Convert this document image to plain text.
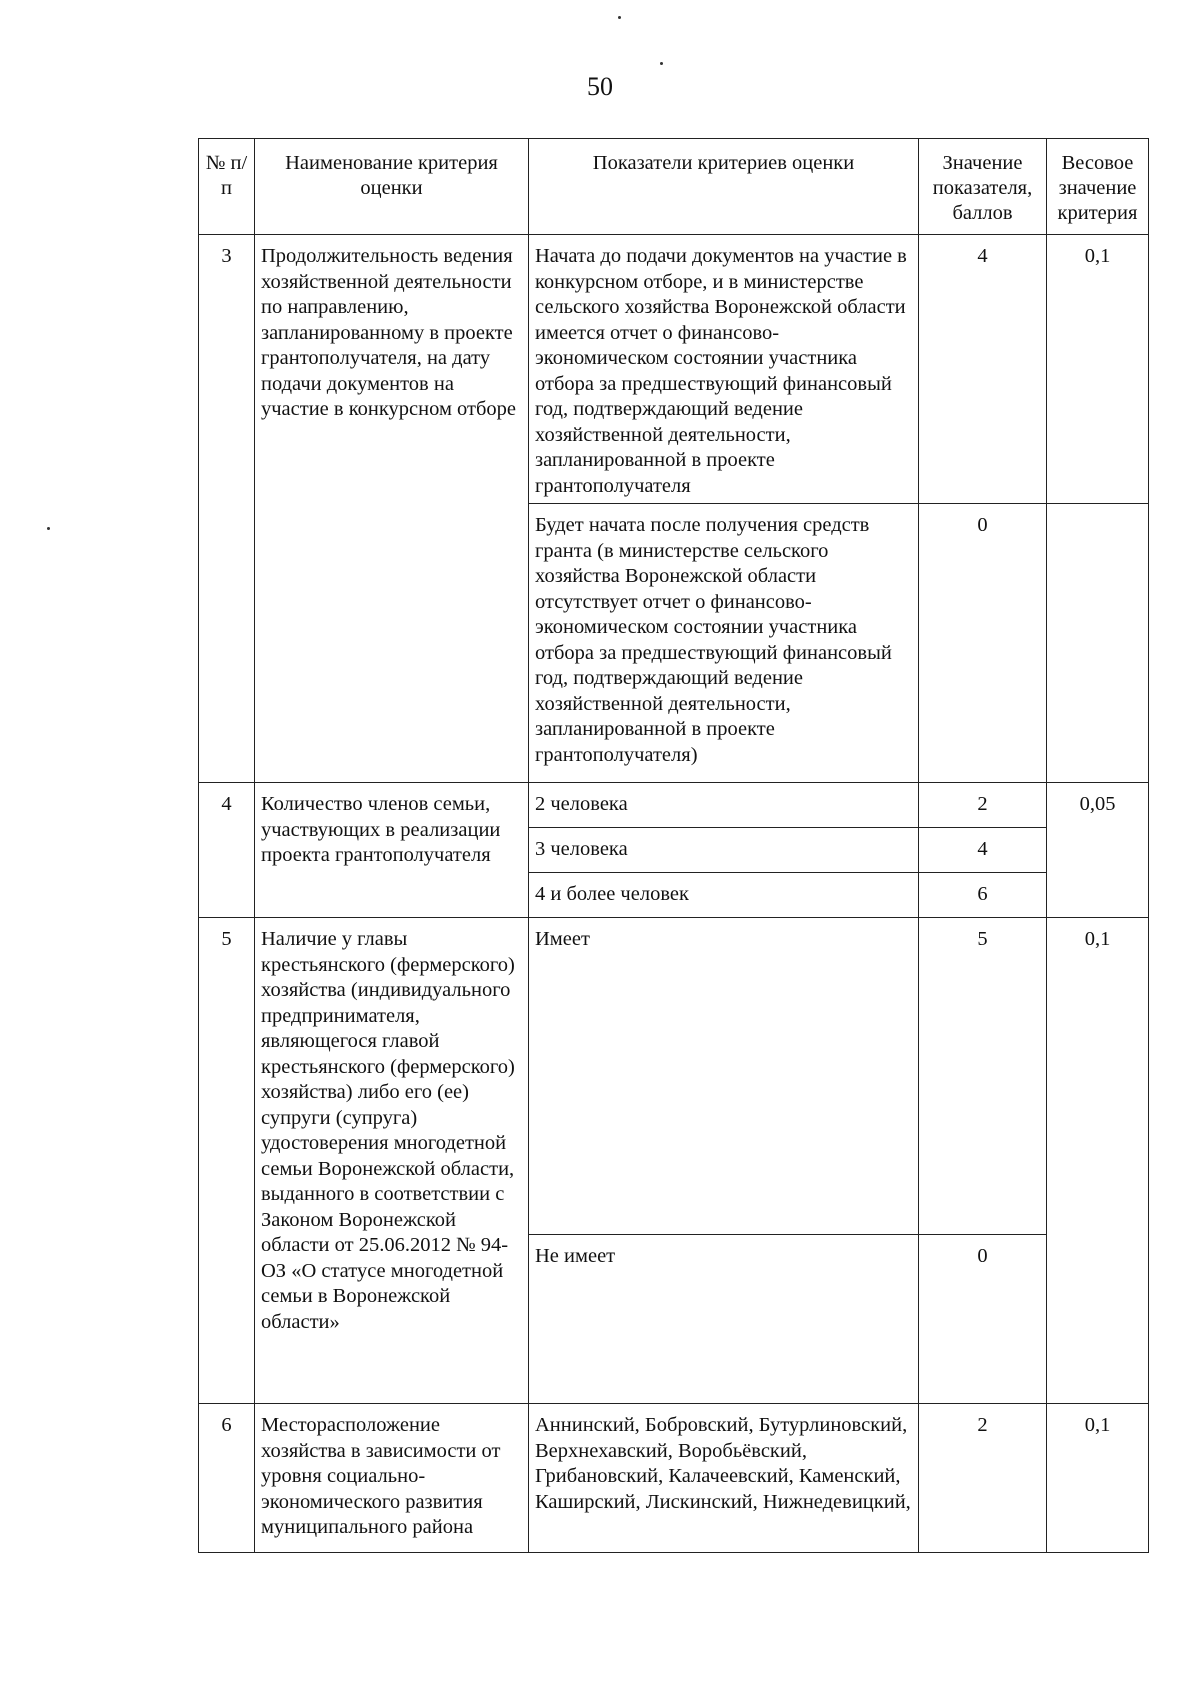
50
№ п/п	Наименование критерия оценки	Показатели критериев оценки	Значение показателя, баллов	Весовое значение критерия
3	Продолжительность ведения хозяйственной деятельности по направлению, запланированному в проекте грантополучателя, на дату подачи документов на участие в конкурсном отборе	Начата до подачи документов на участие в конкурсном отборе, и в министерстве сельского хозяйства Воронежской области имеется отчет о финансово-экономическом состоянии участника отбора за предшествующий финансовый год, подтверждающий ведение хозяйственной деятельности, запланированной в проекте грантополучателя	4	0,1
		Будет начата после получения средств гранта (в министерстве сельского хозяйства Воронежской области отсутствует отчет о финансово-экономическом состоянии участника отбора за предшествующий финансовый год, подтверждающий ведение хозяйственной деятельности, запланированной в проекте грантополучателя)	0	
4	Количество членов семьи, участвующих в реализации проекта грантополучателя	2 человека	2	0,05
		3 человека	4	
		4 и более человек	6	
5	Наличие у главы крестьянского (фермерского) хозяйства (индивидуального предпринимателя, являющегося главой крестьянского (фермерского) хозяйства) либо его (ее) супруги (супруга) удостоверения многодетной семьи Воронежской области, выданного в соответствии с Законом Воронежской области от 25.06.2012 № 94-ОЗ «О статусе многодетной семьи в Воронежской области»	Имеет	5	0,1
		Не имеет	0	
6	Месторасположение хозяйства в зависимости от уровня социально-экономического развития муниципального района	Аннинский, Бобровский, Бутурлиновский, Верхнехавский, Воробьёвский, Грибановский, Калачеевский, Каменский, Каширский, Лискинский, Нижнедевицкий,	2	0,1
